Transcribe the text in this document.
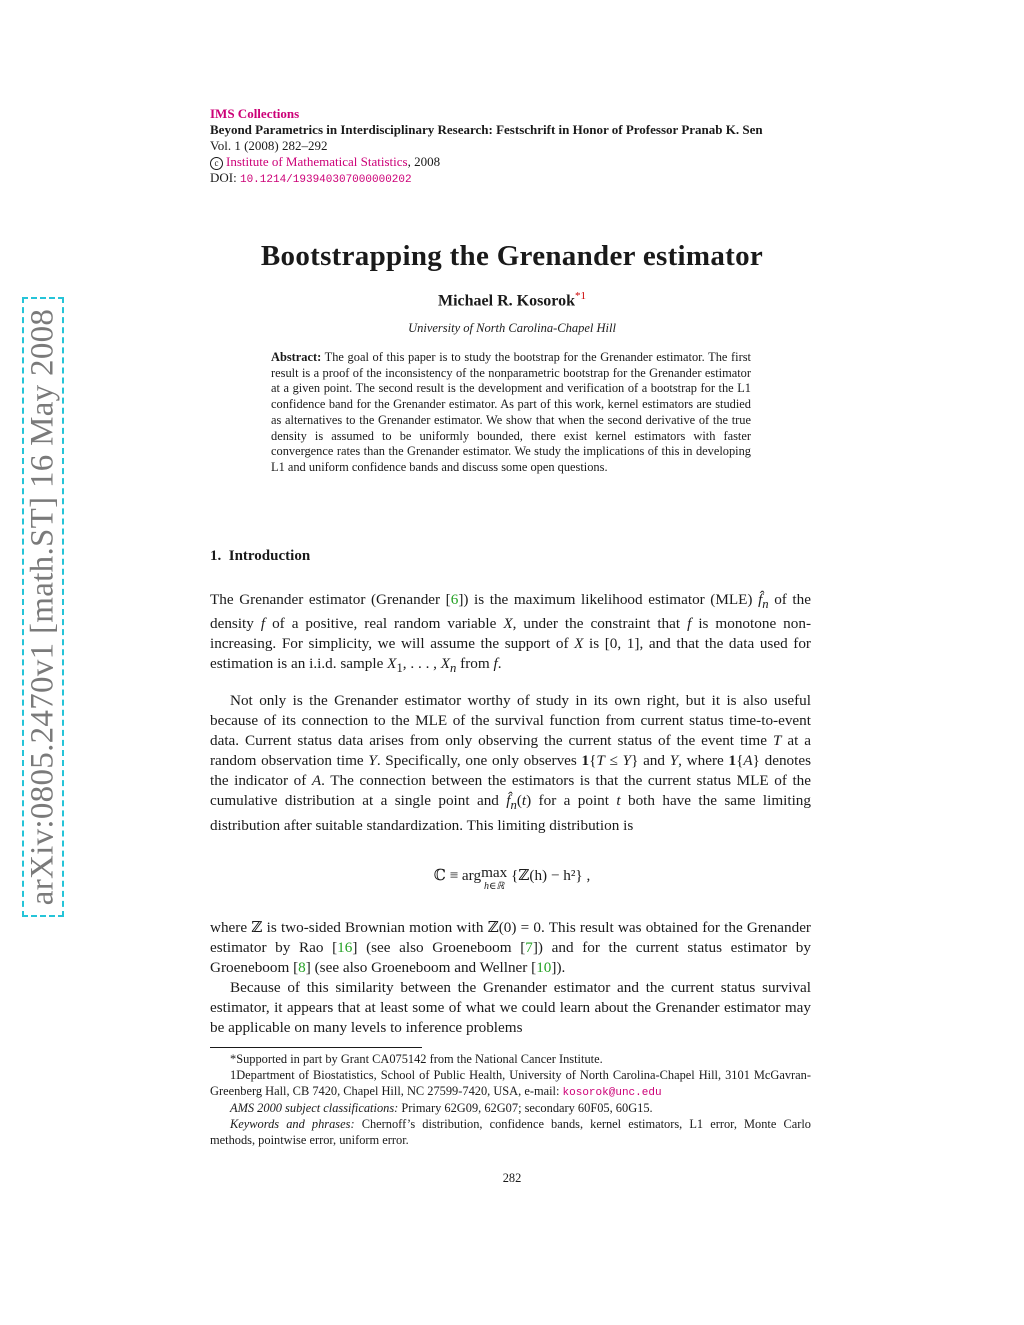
arXiv:0805.2470v1 [math.ST] 16 May 2008
IMS Collections
Beyond Parametrics in Interdisciplinary Research: Festschrift in Honor of Professor Pranab K. Sen
Vol. 1 (2008) 282–292
c Institute of Mathematical Statistics, 2008
DOI: 10.1214/193940307000000202
Bootstrapping the Grenander estimator
Michael R. Kosorok$^{*1}$
University of North Carolina-Chapel Hill
Abstract: The goal of this paper is to study the bootstrap for the Grenander estimator. The first result is a proof of the inconsistency of the nonparametric bootstrap for the Grenander estimator at a given point. The second result is the development and verification of a bootstrap for the L1 confidence band for the Grenander estimator. As part of this work, kernel estimators are studied as alternatives to the Grenander estimator. We show that when the second derivative of the true density is assumed to be uniformly bounded, there exist kernel estimators with faster convergence rates than the Grenander estimator. We study the implications of this in developing L1 and uniform confidence bands and discuss some open questions.
1. Introduction
The Grenander estimator (Grenander [6]) is the maximum likelihood estimator (MLE) $f̂_n$ of the density f of a positive, real random variable X, under the constraint that f is monotone non-increasing. For simplicity, we will assume the support of X is [0, 1], and that the data used for estimation is an i.i.d. sample $X_1$, . . . , $X_n$ from f.
Not only is the Grenander estimator worthy of study in its own right, but it is also useful because of its connection to the MLE of the survival function from current status time-to-event data. Current status data arises from only observing the current status of the event time T at a random observation time Y. Specifically, one only observes 1{T ≤ Y} and Y, where 1{A} denotes the indicator of A. The connection between the estimators is that the current status MLE of the cumulative distribution at a single point and $f̂_n(t)$ for a point t both have the same limiting distribution after suitable standardization. This limiting distribution is
ℂ ≡ argmax
h∈ℝ
{ℤ(h) − h²} ,
where ℤ is two-sided Brownian motion with ℤ(0) = 0. This result was obtained for the Grenander estimator by Rao [16] (see also Groeneboom [7]) and for the current status estimator by Groeneboom [8] (see also Groeneboom and Wellner [10]).
Because of this similarity between the Grenander estimator and the current status survival estimator, it appears that at least some of what we could learn about the Grenander estimator may be applicable on many levels to inference problems
*Supported in part by Grant CA075142 from the National Cancer Institute.
1Department of Biostatistics, School of Public Health, University of North Carolina-Chapel Hill, 3101 McGavran-Greenberg Hall, CB 7420, Chapel Hill, NC 27599-7420, USA, e-mail: kosorok@unc.edu
AMS 2000 subject classifications: Primary 62G09, 62G07; secondary 60F05, 60G15.
Keywords and phrases: Chernoff’s distribution, confidence bands, kernel estimators, L1 error, Monte Carlo methods, pointwise error, uniform error.
282
